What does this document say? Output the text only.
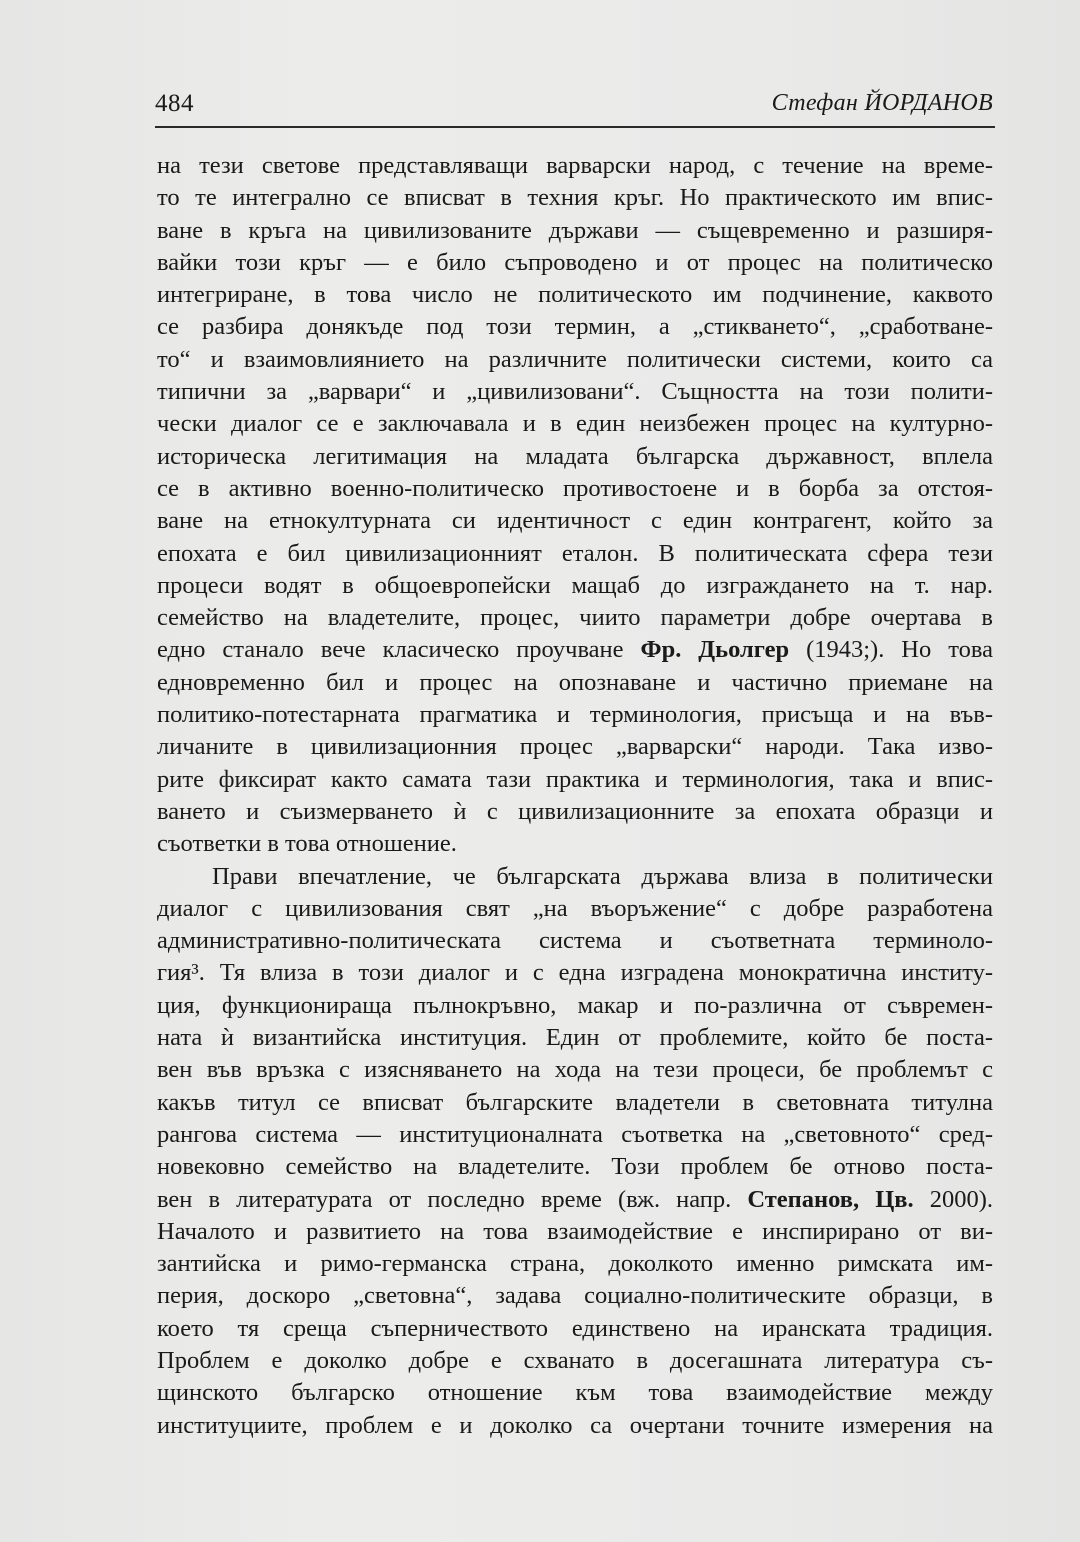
484	Стефан ЙОРДАНОВ
на тези светове представляващи варварски народ, с течение на време-
то те интегрално се вписват в техния кръг. Но практическото им впис-
ване в кръга на цивилизованите държави — същевременно и разширя-
вайки този кръг — е било съпроводено и от процес на политическо
интегриране, в това число не политическото им подчинение, каквото
се разбира донякъде под този термин, а „стикването“, „сработване-
то“ и взаимовлиянието на различните политически системи, които са
типични за „варвари“ и „цивилизовани“. Същността на този полити-
чески диалог се е заключавала и в един неизбежен процес на културно-
историческа легитимация на младата българска държавност, вплела
се в активно военно-политическо противостоене и в борба за отстоя-
ване на етнокултурната си идентичност с един контрагент, който за
епохата е бил цивилизационният еталон. В политическата сфера тези
процеси водят в общоевропейски мащаб до изграждането на т. нар.
семейство на владетелите, процес, чиито параметри добре очертава в
едно станало вече класическо проучване Фр. Дьолгер (1943;). Но това
едновременно бил и процес на опознаване и частично приемане на
политико-потестарната прагматика и терминология, присъща и на във-
личаните в цивилизационния процес „варварски“ народи. Така изво-
рите фиксират както самата тази практика и терминология, така и впис-
ването и съизмерването ѝ с цивилизационните за епохата образци и
съответки в това отношение.
Прави впечатление, че българската държава влиза в политически
диалог с цивилизования свят „на въоръжение“ с добре разработена
административно-политическата система и съответната терминоло-
гия³. Тя влиза в този диалог и с една изградена монократична институ-
ция, функционираща пълнокръвно, макар и по-различна от съвремен-
ната ѝ византийска институция. Един от проблемите, който бе поста-
вен във връзка с изясняването на хода на тези процеси, бе проблемът с
какъв титул се вписват българските владетели в световната титулна
рангова система — институционалната съответка на „световното“ сред-
новековно семейство на владетелите. Този проблем бе отново поста-
вен в литературата от последно време (вж. напр. Степанов, Цв. 2000).
Началото и развитието на това взаимодействие е инспирирано от ви-
зантийска и римо-германска страна, доколкото именно римската им-
перия, доскоро „световна“, задава социално-политическите образци, в
което тя среща съперничеството единствено на иранската традиция.
Проблем е доколко добре е схванато в досегашната литература съ-
щинското българско отношение към това взаимодействие между
институциите, проблем е и доколко са очертани точните измерения на
